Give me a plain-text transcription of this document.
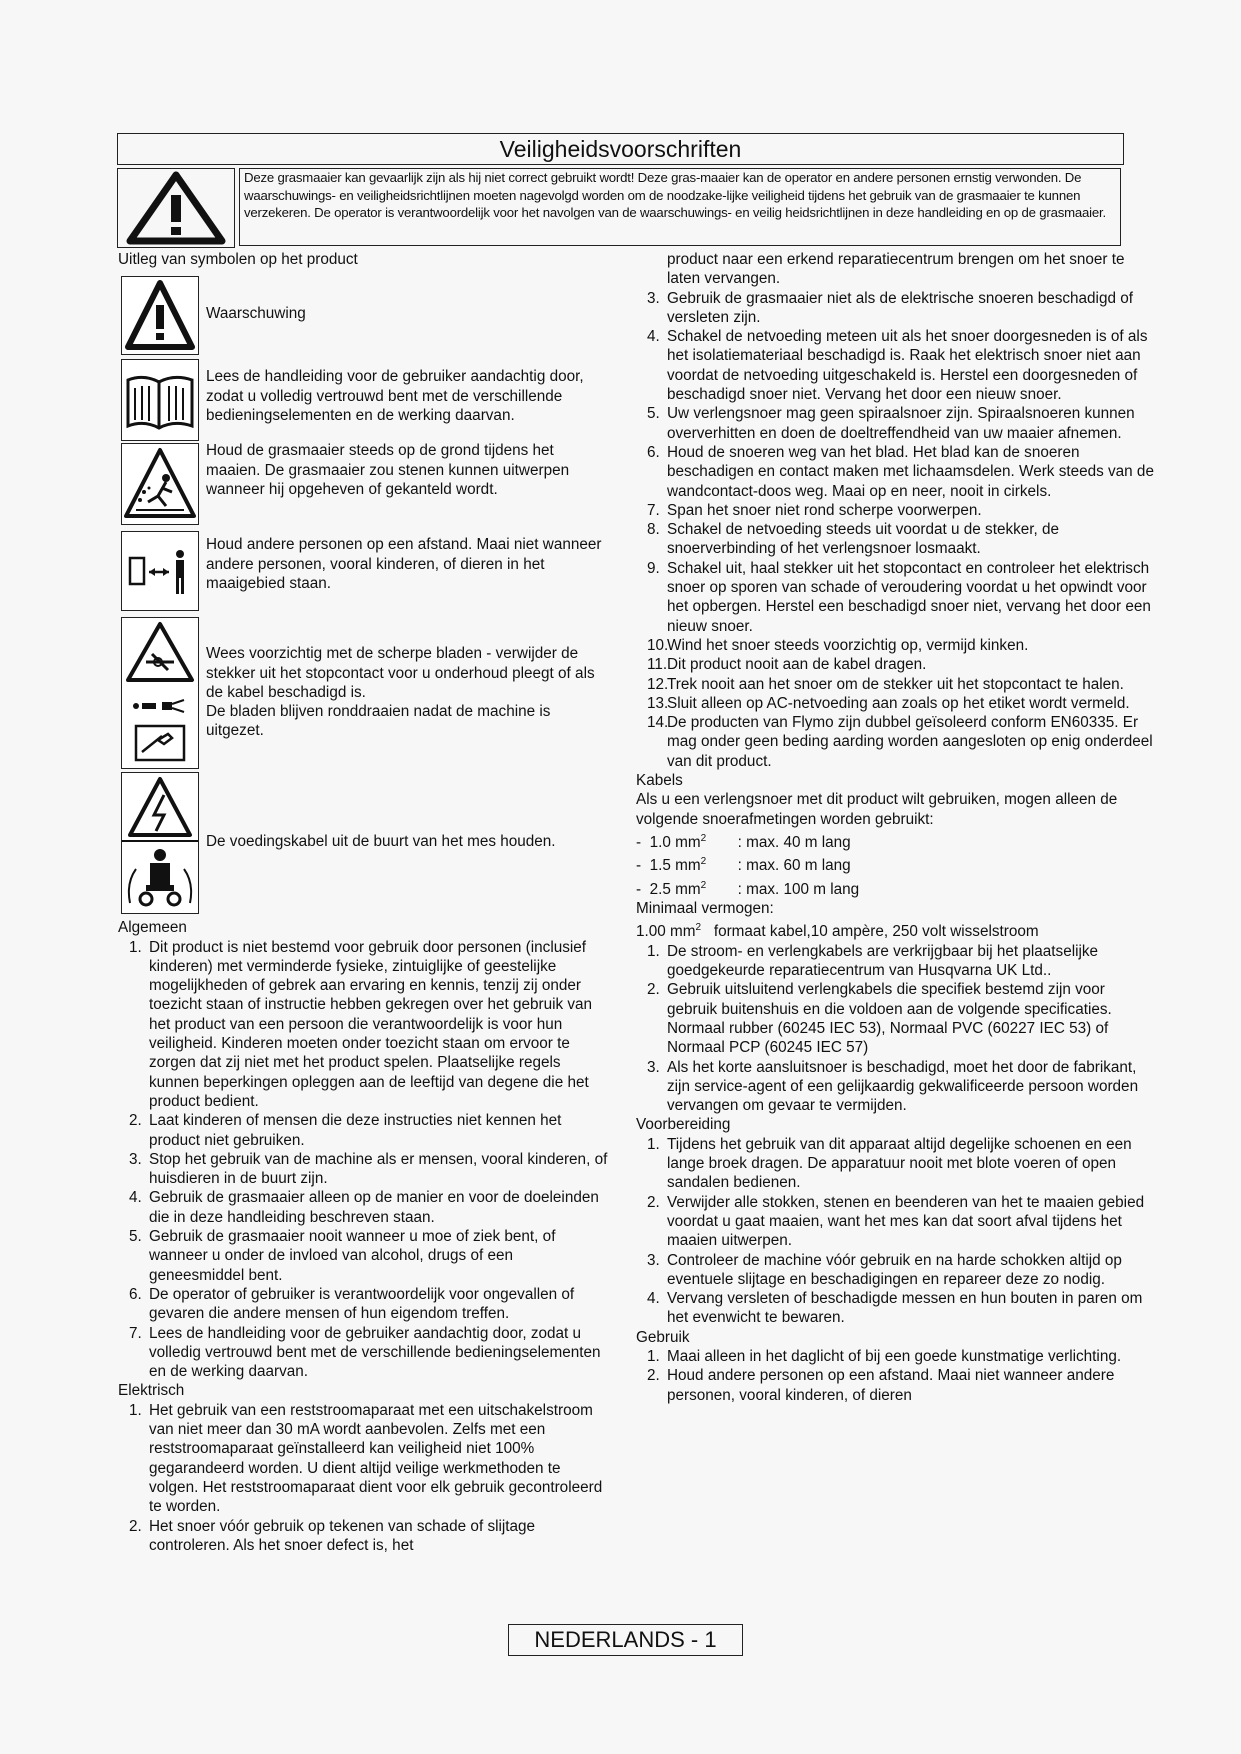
Veiligheidsvoorschriften
Deze grasmaaier kan gevaarlijk zijn als hij niet correct gebruikt wordt! Deze gras-maaier kan de operator en andere personen ernstig verwonden. De waarschuwings- en veiligheidsrichtlijnen moeten nagevolgd worden om de noodzake-lijke veiligheid tijdens het gebruik van de grasmaaier te kunnen verzekeren. De operator is verantwoordelijk voor het navolgen van de waarschuwings- en veilig heidsrichtlijnen in deze handleiding en op de grasmaaier.
Uitleg van symbolen op het product
Waarschuwing
Lees de handleiding voor de gebruiker aandachtig door, zodat u volledig vertrouwd bent met de verschillende bedieningselementen en de werking daarvan.
Houd de grasmaaier steeds op de grond tijdens het maaien. De grasmaaier zou stenen kunnen uitwerpen wanneer hij opgeheven of gekanteld wordt.
Houd andere personen op een afstand. Maai niet wanneer andere personen, vooral kinderen, of dieren in het maaigebied staan.
Wees voorzichtig met de scherpe bladen - verwijder de stekker uit het stopcontact voor u onderhoud pleegt of als de kabel beschadigd is.
De bladen blijven ronddraaien nadat de machine is uitgezet.
De voedingskabel uit de buurt van het mes houden.
Algemeen
1. Dit product is niet bestemd voor gebruik door personen (inclusief kinderen) met verminderde fysieke, zintuiglijke of geestelijke mogelijkheden of gebrek aan ervaring en kennis, tenzij zij onder toezicht staan of instructie hebben gekregen over het gebruik van het product van een persoon die verantwoordelijk is voor hun veiligheid. Kinderen moeten onder toezicht staan om ervoor te zorgen dat zij niet met het product spelen. Plaatselijke regels kunnen beperkingen opleggen aan de leeftijd van degene die het product bedient.
2. Laat kinderen of mensen die deze instructies niet kennen het product niet gebruiken.
3. Stop het gebruik van de machine als er mensen, vooral kinderen, of huisdieren in de buurt zijn.
4. Gebruik de grasmaaier alleen op de manier en voor de doeleinden die in deze handleiding beschreven staan.
5. Gebruik de grasmaaier nooit wanneer u moe of ziek bent, of wanneer u onder de invloed van alcohol, drugs of een geneesmiddel bent.
6. De operator of gebruiker is verantwoordelijk voor ongevallen of gevaren die andere mensen of hun eigendom treffen.
7. Lees de handleiding voor de gebruiker aandachtig door, zodat u volledig vertrouwd bent met de verschillende bedieningselementen en de werking daarvan.
Elektrisch
1. Het gebruik van een reststroomaparaat met een uitschakelstroom van niet meer dan 30 mA wordt aanbevolen. Zelfs met een reststroomaparaat geïnstalleerd kan veiligheid niet 100% gegarandeerd worden. U dient altijd veilige werkmethoden te volgen. Het reststroomaparaat dient voor elk gebruik gecontroleerd te worden.
2. Het snoer vóór gebruik op tekenen van schade of slijtage controleren. Als het snoer defect is, het
product naar een erkend reparatiecentrum brengen om het snoer te laten vervangen.
3. Gebruik de grasmaaier niet als de elektrische snoeren beschadigd of versleten zijn.
4. Schakel de netvoeding meteen uit als het snoer doorgesneden is of als het isolatiemateriaal beschadigd is. Raak het elektrisch snoer niet aan voordat de netvoeding uitgeschakeld is. Herstel een doorgesneden of beschadigd snoer niet. Vervang het door een nieuw snoer.
5. Uw verlengsnoer mag geen spiraalsnoer zijn. Spiraalsnoeren kunnen oververhitten en doen de doeltreffendheid van uw maaier afnemen.
6. Houd de snoeren weg van het blad. Het blad kan de snoeren beschadigen en contact maken met lichaamsdelen. Werk steeds van de wandcontact-doos weg. Maai op en neer, nooit in cirkels.
7. Span het snoer niet rond scherpe voorwerpen.
8. Schakel de netvoeding steeds uit voordat u de stekker, de snoerverbinding of het verlengsnoer losmaakt.
9. Schakel uit, haal stekker uit het stopcontact en controleer het elektrisch snoer op sporen van schade of veroudering voordat u het opwindt voor het opbergen. Herstel een beschadigd snoer niet, vervang het door een nieuw snoer.
10.Wind het snoer steeds voorzichtig op, vermijd kinken.
11.Dit product nooit aan de kabel dragen.
12.Trek nooit aan het snoer om de stekker uit het stopcontact te halen.
13.Sluit alleen op AC-netvoeding aan zoals op het etiket wordt vermeld.
14.De producten van Flymo zijn dubbel geïsoleerd conform EN60335. Er mag onder geen beding aarding worden aangesloten op enig onderdeel van dit product.
Kabels
Als u een verlengsnoer met dit product wilt gebruiken, mogen alleen de volgende snoerafmetingen worden gebruikt:
-  1.0 $mm^2$ : max. 40 m lang
-  1.5 $mm^2$ : max. 60 m lang
-  2.5 $mm^2$ : max. 100 m lang
Minimaal vermogen:
1.00 $mm^2$ formaat kabel,10 ampère, 250 volt wisselstroom
1. De stroom- en verlengkabels are verkrijgbaar bij het plaatselijke goedgekeurde reparatiecentrum van Husqvarna UK Ltd..
2. Gebruik uitsluitend verlengkabels die specifiek bestemd zijn voor gebruik buitenshuis en die voldoen aan de volgende specificaties. Normaal rubber (60245 IEC 53), Normaal PVC (60227 IEC 53) of Normaal PCP (60245 IEC 57)
3. Als het korte aansluitsnoer is beschadigd, moet het door de fabrikant, zijn service-agent of een gelijkaardig gekwalificeerde persoon worden vervangen om gevaar te vermijden.
Voorbereiding
1. Tijdens het gebruik van dit apparaat altijd degelijke schoenen en een lange broek dragen. De apparatuur nooit met blote voeren of open sandalen bedienen.
2. Verwijder alle stokken, stenen en beenderen van het te maaien gebied voordat u gaat maaien, want het mes kan dat soort afval tijdens het maaien uitwerpen.
3. Controleer de machine vóór gebruik en na harde schokken altijd op eventuele slijtage en beschadigingen en repareer deze zo nodig.
4. Vervang versleten of beschadigde messen en hun bouten in paren om het evenwicht te bewaren.
Gebruik
1. Maai alleen in het daglicht of bij een goede kunstmatige verlichting.
2. Houd andere personen op een afstand. Maai niet wanneer andere personen, vooral kinderen, of dieren
NEDERLANDS - 1
